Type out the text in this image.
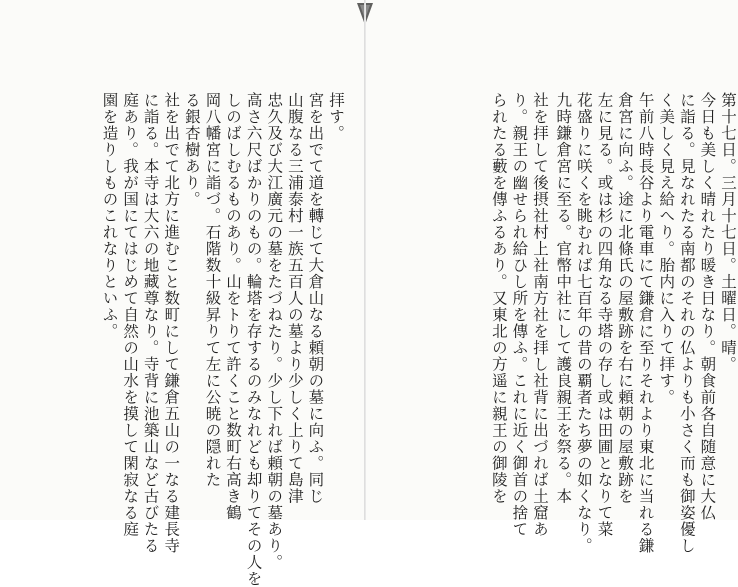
第十七日。三月十七日。土曜日。晴。

今日も美しく晴れたり暖き日なり。朝食前各自随意に大仏

に詣る。見なれたる南都のそれの仏よりも小さく而も御姿優し

く美しく見え給へり。胎内に入りて拝す。

午前八時長谷より電車にて鎌倉に至りそれより東北に当れる鎌

倉宮に向ふ。途に北條氏の屋敷跡を右に頼朝の屋敷跡を

左に見る。或は杉の四角なる寺塔の存し或は田圃となりて菜

花盛りに咲くを眺むれば七百年の昔の覇者たち夢の如くなり。

九時鎌倉宮に至る。官幣中社にして護良親王を祭る。本

社を拝して後摂社村上社南方社を拝し社背に出づれば土窟あ

り。親王の幽せられ給ひし所を傳ふ。これに近く御首の捨て

られたる藪を傳ふるあり。又東北の方遥に親王の御陵を

拝す。

宮を出でて道を轉じて大倉山なる頼朝の墓に向ふ。同じ

山腹なる三浦泰村一族五百人の墓より少しく上りて島津

忠久及び大江廣元の墓をたづねたり。少し下れば頼朝の墓あり。

高さ六尺ばかりのもの。輪塔を存するのみなれども却りてその人を

しのばしむるものあり。山をトりて許くこと数町右高き鶴

岡八幡宮に詣づ。石階数十級昇りて左に公暁の隠れた

る銀杏樹あり。

社を出でて北方に進むこと数町にして鎌倉五山の一なる建長寺

に詣る。本寺は大六の地藏尊なり。寺背に池築山など古びたる

庭あり。我が国にてはじめて自然の山水を摸して閑寂なる庭

園を造りしものこれなりといふ。
